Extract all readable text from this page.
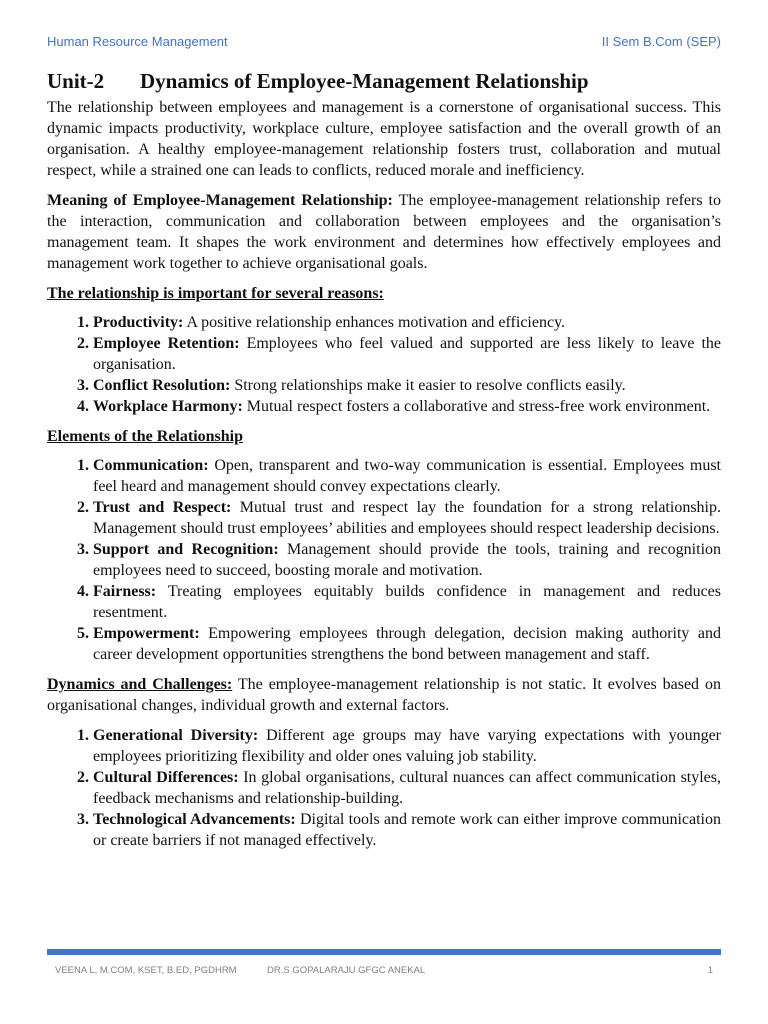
Human Resource Management	II Sem B.Com (SEP)
Unit-2 Dynamics of Employee-Management Relationship

The relationship between employees and management is a cornerstone of organisational success. This dynamic impacts productivity, workplace culture, employee satisfaction and the overall growth of an organisation. A healthy employee-management relationship fosters trust, collaboration and mutual respect, while a strained one can leads to conflicts, reduced morale and inefficiency.

Meaning of Employee-Management Relationship: The employee-management relationship refers to the interaction, communication and collaboration between employees and the organisation’s management team. It shapes the work environment and determines how effectively employees and management work together to achieve organisational goals.

The relationship is important for several reasons:

1. Productivity: A positive relationship enhances motivation and efficiency.
2. Employee Retention: Employees who feel valued and supported are less likely to leave the organisation.
3. Conflict Resolution: Strong relationships make it easier to resolve conflicts easily.
4. Workplace Harmony: Mutual respect fosters a collaborative and stress-free work environment.

Elements of the Relationship

1. Communication: Open, transparent and two-way communication is essential. Employees must feel heard and management should convey expectations clearly.
2. Trust and Respect: Mutual trust and respect lay the foundation for a strong relationship. Management should trust employees’ abilities and employees should respect leadership decisions.
3. Support and Recognition: Management should provide the tools, training and recognition employees need to succeed, boosting morale and motivation.
4. Fairness: Treating employees equitably builds confidence in management and reduces resentment.
5. Empowerment: Empowering employees through delegation, decision making authority and career development opportunities strengthens the bond between management and staff.

Dynamics and Challenges: The employee-management relationship is not static. It evolves based on organisational changes, individual growth and external factors.

1. Generational Diversity: Different age groups may have varying expectations with younger employees prioritizing flexibility and older ones valuing job stability.
2. Cultural Differences: In global organisations, cultural nuances can affect communication styles, feedback mechanisms and relationship-building.
3. Technological Advancements: Digital tools and remote work can either improve communication or create barriers if not managed effectively.
VEENA L, M.COM, KSET, B.ED, PGDHRM	DR.S GOPALARAJU GFGC ANEKAL	1
